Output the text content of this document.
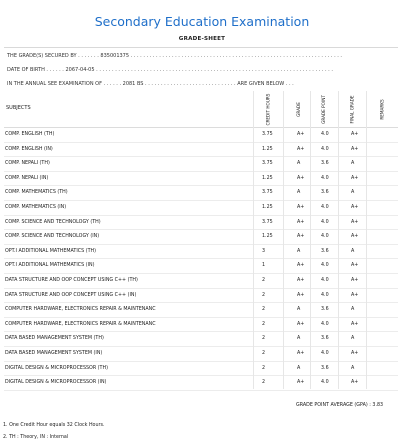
Secondary Education Examination
GRADE-SHEET
THE GRADE(S) SECURED BY . . . . . . . 835001375 . . . . . . . . . . . . . . . . . . . . . . . . . . . . . . . . . . . . . . . . . . . . . . . . . . . . . . . . . . . . . . . . . . .
DATE OF BIRTH . . . . . . 2067-04-05 . . . . . . . . . . . . . . . . . . . . . . . . . . . . . . . . . . . . . . . . . . . . . . . . . . . . . . . . . . . . . . . . . . . . . . . . . . .
IN THE ANNUAL SEE EXAMINATION OF . . . . . . 2081 BS . . . . . . . . . . . . . . . . . . . . . . . . . . . . . ARE GIVEN BELOW . . .
SUBJECTS	CREDIT HOURS	GRADE	GRADE POINT	FINAL GRADE	REMARKS
COMP. ENGLISH (TH)	3.75	A+	4.0	A+
COMP. ENGLISH (IN)	1.25	A+	4.0	A+
COMP. NEPALI (TH)	3.75	A	3.6	A
COMP. NEPALI (IN)	1.25	A+	4.0	A+
COMP. MATHEMATICS (TH)	3.75	A	3.6	A
COMP. MATHEMATICS (IN)	1.25	A+	4.0	A+
COMP. SCIENCE AND TECHNOLOGY (TH)	3.75	A+	4.0	A+
COMP. SCIENCE AND TECHNOLOGY (IN)	1.25	A+	4.0	A+
OPT.I ADDITIONAL MATHEMATICS (TH)	3	A	3.6	A
OPT.I ADDITIONAL MATHEMATICS (IN)	1	A+	4.0	A+
DATA STRUCTURE AND OOP CONCEPT USING C++ (TH)	2	A+	4.0	A+
DATA STRUCTURE AND OOP CONCEPT USING C++ (IN)	2	A+	4.0	A+
COMPUTER HARDWARE, ELECTRONICS REPAIR & MAINTENANC	2	A	3.6	A
COMPUTER HARDWARE, ELECTRONICS REPAIR & MAINTENANC	2	A+	4.0	A+
DATA BASED MANAGEMENT SYSTEM (TH)	2	A	3.6	A
DATA BASED MANAGEMENT SYSTEM (IN)	2	A+	4.0	A+
DIGITAL DESIGN & MICROPROCESSOR (TH)	2	A	3.6	A
DIGITAL DESIGN & MICROPROCESSOR (IN)	2	A+	4.0	A+
GRADE POINT AVERAGE (GPA) : 3.83
1. One Credit Hour equals 32 Clock Hours.
2. TH : Theory, IN : Internal
